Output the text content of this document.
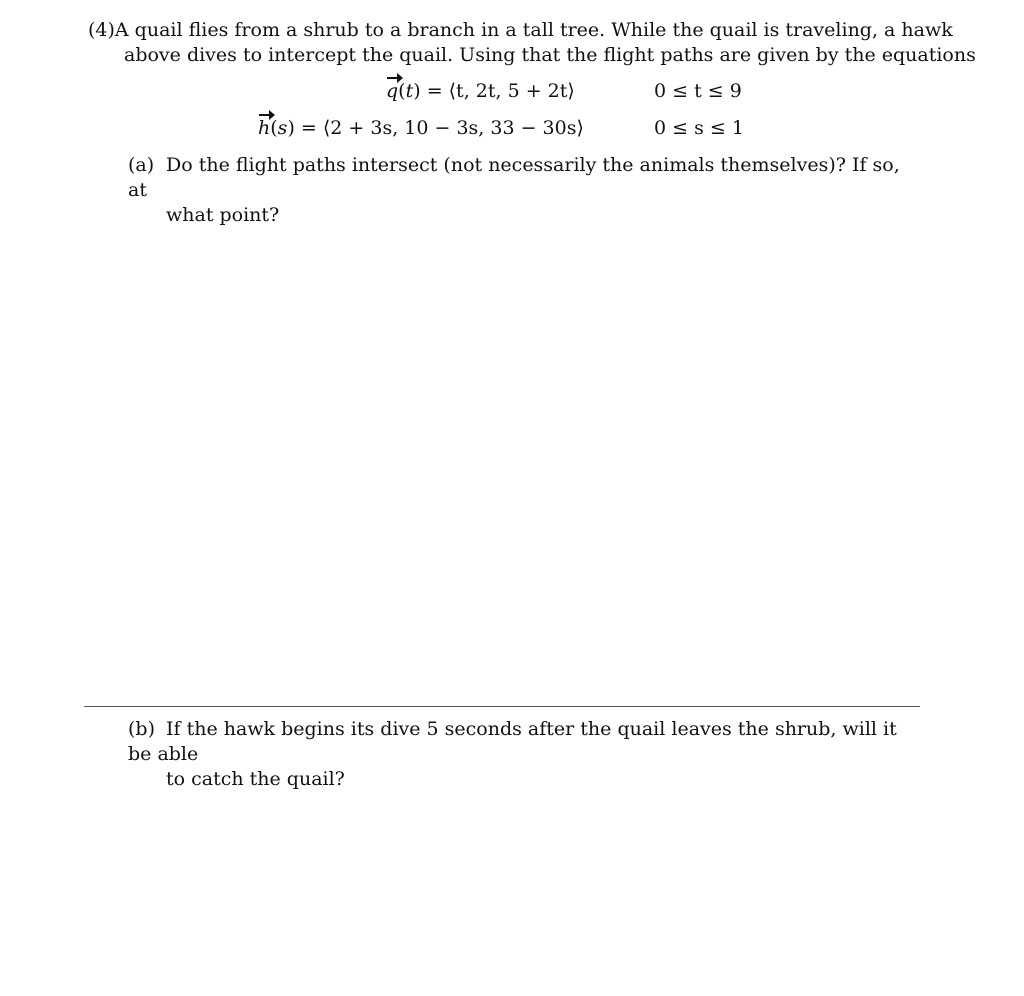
(4) A quail flies from a shrub to a branch in a tall tree. While the quail is traveling, a hawk
above dives to intercept the quail. Using that the flight paths are given by the equations
q(t) = ⟨t, 2t, 5 + 2t⟩	0 ≤ t ≤ 9
h(s) = ⟨2 + 3s, 10 − 3s, 33 − 30s⟩	0 ≤ s ≤ 1
(a) Do the flight paths intersect (not necessarily the animals themselves)? If so, at
what point?
(b) If the hawk begins its dive 5 seconds after the quail leaves the shrub, will it be able
to catch the quail?
